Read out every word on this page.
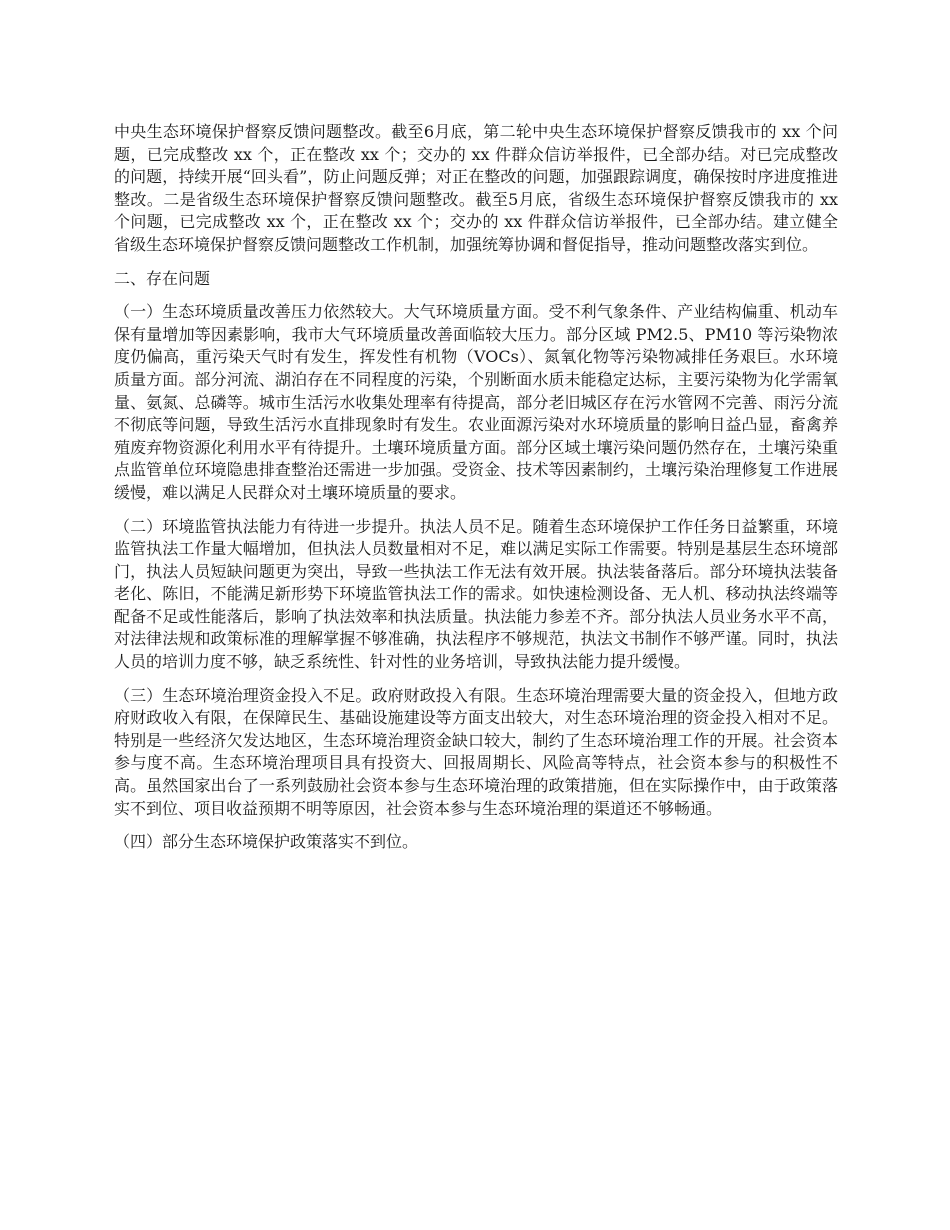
中央生态环境保护督察反馈问题整改。截至6月底，第二轮中央生态环境保护督察反馈我市的 xx 个问题，已完成整改 xx 个，正在整改 xx 个；交办的 xx 件群众信访举报件，已全部办结。对已完成整改的问题，持续开展“回头看”，防止问题反弹；对正在整改的问题，加强跟踪调度，确保按时序进度推进整改。二是省级生态环境保护督察反馈问题整改。截至5月底，省级生态环境保护督察反馈我市的 xx 个问题，已完成整改 xx 个，正在整改 xx 个；交办的 xx 件群众信访举报件，已全部办结。建立健全省级生态环境保护督察反馈问题整改工作机制，加强统筹协调和督促指导，推动问题整改落实到位。

二、存在问题

（一）生态环境质量改善压力依然较大。大气环境质量方面。受不利气象条件、产业结构偏重、机动车保有量增加等因素影响，我市大气环境质量改善面临较大压力。部分区域 PM2.5、PM10 等污染物浓度仍偏高，重污染天气时有发生，挥发性有机物（VOCs）、氮氧化物等污染物减排任务艰巨。水环境质量方面。部分河流、湖泊存在不同程度的污染，个别断面水质未能稳定达标，主要污染物为化学需氧量、氨氮、总磷等。城市生活污水收集处理率有待提高，部分老旧城区存在污水管网不完善、雨污分流不彻底等问题，导致生活污水直排现象时有发生。农业面源污染对水环境质量的影响日益凸显，畜禽养殖废弃物资源化利用水平有待提升。土壤环境质量方面。部分区域土壤污染问题仍然存在，土壤污染重点监管单位环境隐患排查整治还需进一步加强。受资金、技术等因素制约，土壤污染治理修复工作进展缓慢，难以满足人民群众对土壤环境质量的要求。

（二）环境监管执法能力有待进一步提升。执法人员不足。随着生态环境保护工作任务日益繁重，环境监管执法工作量大幅增加，但执法人员数量相对不足，难以满足实际工作需要。特别是基层生态环境部门，执法人员短缺问题更为突出，导致一些执法工作无法有效开展。执法装备落后。部分环境执法装备老化、陈旧，不能满足新形势下环境监管执法工作的需求。如快速检测设备、无人机、移动执法终端等配备不足或性能落后，影响了执法效率和执法质量。执法能力参差不齐。部分执法人员业务水平不高，对法律法规和政策标准的理解掌握不够准确，执法程序不够规范，执法文书制作不够严谨。同时，执法人员的培训力度不够，缺乏系统性、针对性的业务培训，导致执法能力提升缓慢。

（三）生态环境治理资金投入不足。政府财政投入有限。生态环境治理需要大量的资金投入，但地方政府财政收入有限，在保障民生、基础设施建设等方面支出较大，对生态环境治理的资金投入相对不足。特别是一些经济欠发达地区，生态环境治理资金缺口较大，制约了生态环境治理工作的开展。社会资本参与度不高。生态环境治理项目具有投资大、回报周期长、风险高等特点，社会资本参与的积极性不高。虽然国家出台了一系列鼓励社会资本参与生态环境治理的政策措施，但在实际操作中，由于政策落实不到位、项目收益预期不明等原因，社会资本参与生态环境治理的渠道还不够畅通。

（四）部分生态环境保护政策落实不到位。
